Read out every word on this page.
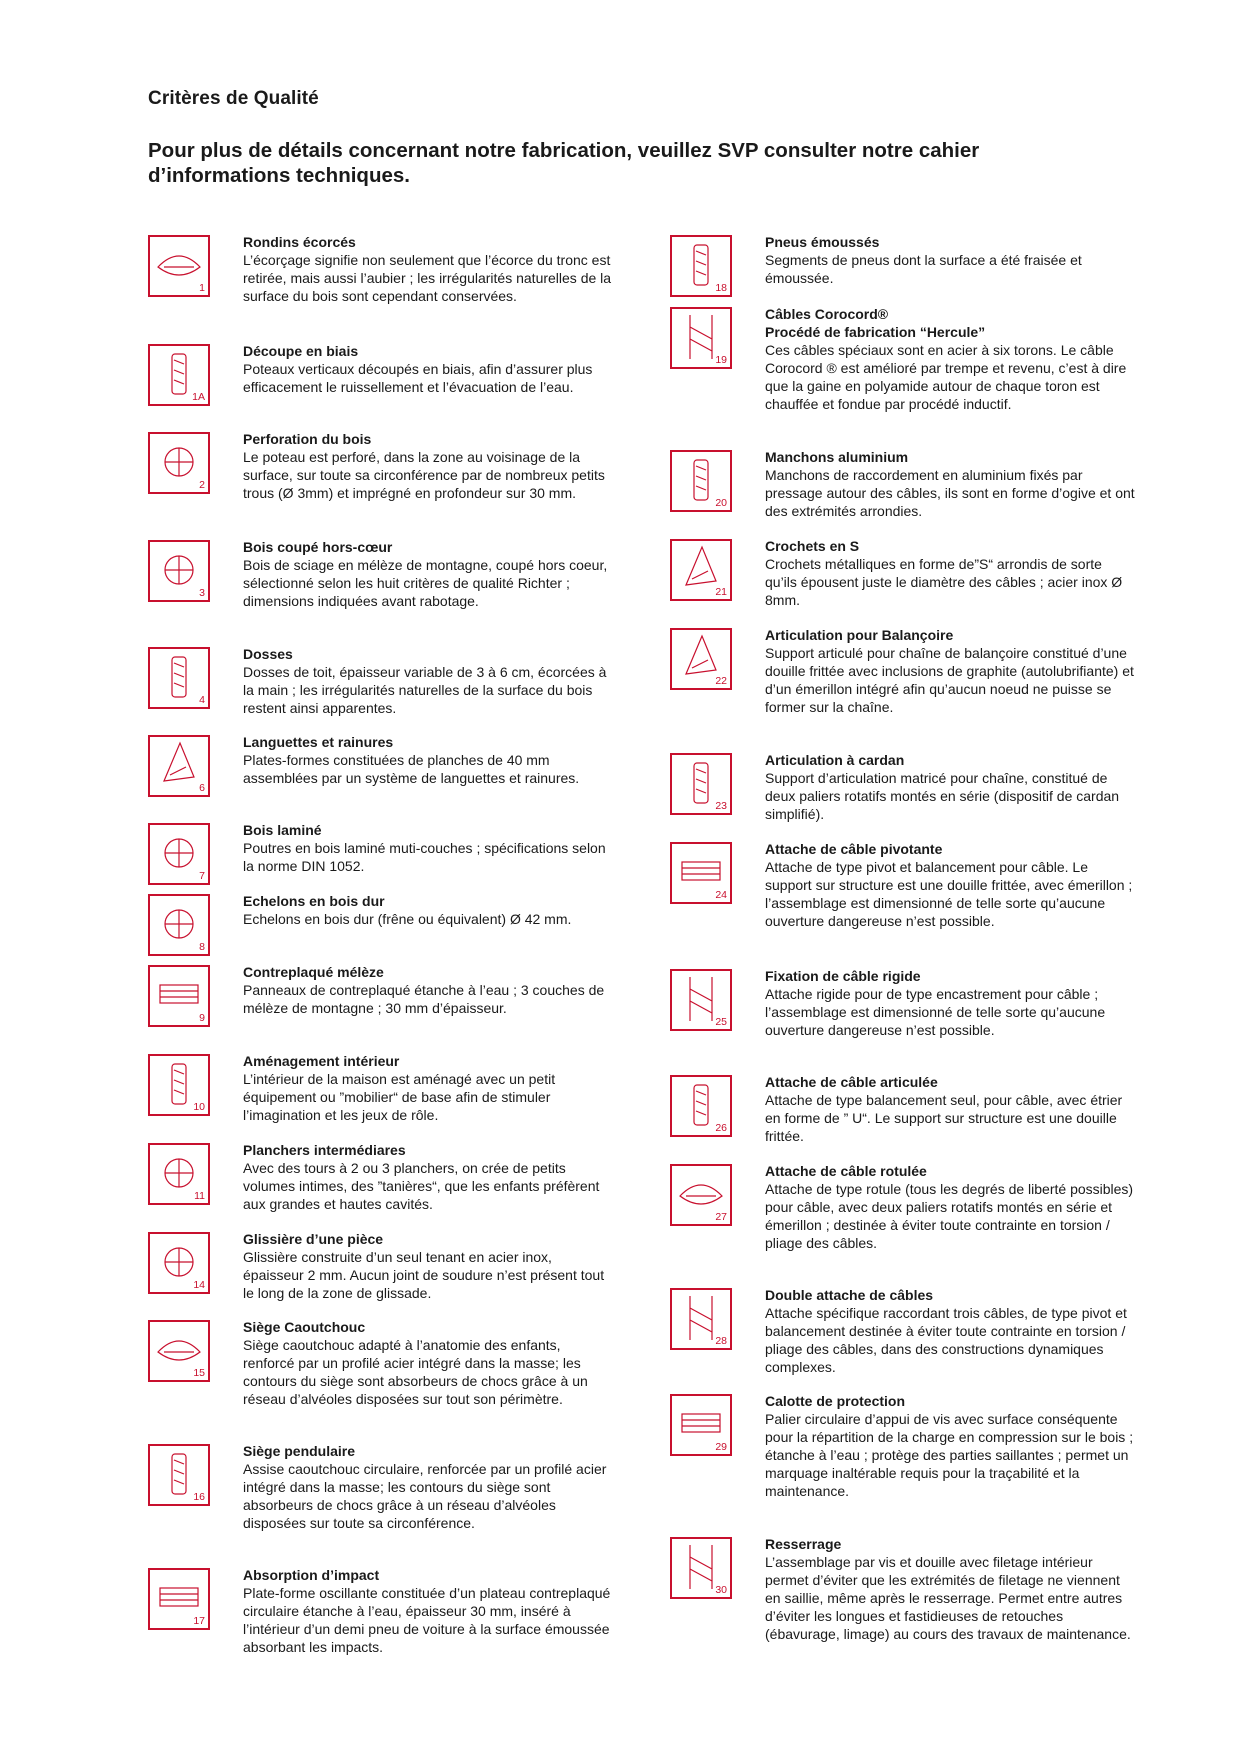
Critères de Qualité
Pour plus de détails concernant notre fabrication, veuillez SVP consulter notre cahier d’informations techniques.
1
Rondins écorcés
L’écorçage signifie non seulement que l’écorce du tronc est retirée, mais aussi l’aubier ; les irrégularités naturelles de la surface du bois sont cependant conservées.
1A
Découpe en biais
Poteaux verticaux découpés en biais, afin d’assurer plus efficacement le ruissellement et l’évacuation de l’eau.
2
Perforation du bois
Le poteau est perforé, dans la zone au voisinage de la surface, sur toute sa circonférence par de nombreux petits trous (Ø 3mm) et imprégné en profondeur sur 30 mm.
3
Bois coupé hors-cœur
Bois de sciage en mélèze de montagne, coupé hors coeur, sélectionné selon les huit critères de qualité Richter ; dimensions indiquées avant rabotage.
4
Dosses
Dosses de toit, épaisseur variable de 3 à 6 cm, écorcées à la main ; les irrégularités naturelles de la surface du bois restent ainsi apparentes.
6
Languettes et rainures
Plates-formes constituées de planches de 40 mm assemblées par un système de languettes et rainures.
7
Bois laminé
Poutres en bois laminé muti-couches ; spécifications selon la norme DIN 1052.
8
Echelons en bois dur
Echelons en bois dur (frêne ou équivalent) Ø 42 mm.
9
Contreplaqué mélèze
Panneaux de contreplaqué étanche à l’eau ; 3 couches de mélèze de montagne ; 30 mm d’épaisseur.
10
Aménagement intérieur
L’intérieur de la maison est aménagé avec un petit équipement ou ”mobilier“ de base afin de stimuler l’imagination et les jeux de rôle.
11
Planchers intermédiares
Avec des tours à 2 ou 3 planchers, on crée de petits volumes intimes, des ”tanières“, que les enfants préfèrent aux grandes et hautes cavités.
14
Glissière d’une pièce
Glissière construite d’un seul tenant en acier inox, épaisseur 2 mm. Aucun joint de soudure n’est présent tout le long de la zone de glissade.
15
Siège Caoutchouc
Siège caoutchouc adapté à l’anatomie des enfants, renforcé par un profilé acier intégré dans la masse; les contours du siège sont absorbeurs de chocs grâce à un réseau d’alvéoles disposées sur tout son périmètre.
16
Siège pendulaire
Assise caoutchouc circulaire, renforcée par un profilé acier intégré dans la masse; les contours du siège sont absorbeurs de chocs grâce à un réseau d’alvéoles disposées sur toute sa circonférence.
17
Absorption d’impact
Plate-forme oscillante constituée d’un plateau contreplaqué circulaire étanche à l’eau, épaisseur 30 mm, inséré à l’intérieur d’un demi pneu de voiture à la surface émoussée absorbant les impacts.
18
Pneus émoussés
Segments de pneus dont la surface a été fraisée et émoussée.
19
Câbles Corocord®
Procédé de fabrication “Hercule”
Ces câbles spéciaux sont en acier à six torons. Le câble Corocord ® est amélioré par trempe et revenu, c’est à dire que la gaine en polyamide autour de chaque toron est chauffée et fondue par procédé inductif.
20
Manchons aluminium
Manchons de raccordement en aluminium fixés par pressage autour des câbles, ils sont en forme d’ogive et ont des extrémités arrondies.
21
Crochets en S
Crochets métalliques en forme de”S“ arrondis de sorte qu’ils épousent juste le diamètre des câbles ; acier inox Ø 8mm.
22
Articulation pour Balançoire
Support articulé pour chaîne de balançoire constitué d’une douille frittée avec inclusions de graphite (autolubrifiante) et d’un émerillon intégré afin qu’aucun noeud ne puisse se former sur la chaîne.
23
Articulation à cardan
Support d’articulation matricé pour chaîne, constitué de deux paliers rotatifs montés en série (dispositif de cardan simplifié).
24
Attache de câble pivotante
Attache de type pivot et balancement pour câble. Le support sur structure est une douille frittée, avec émerillon ; l’assemblage est dimensionné de telle sorte qu’aucune ouverture dangereuse n’est possible.
25
Fixation de câble rigide
Attache rigide pour de type encastrement pour câble ; l’assemblage est dimensionné de telle sorte qu’aucune ouverture dangereuse n’est possible.
26
Attache de câble articulée
Attache de type balancement seul, pour câble, avec étrier en forme de ” U“. Le support sur structure est une douille frittée.
27
Attache de câble rotulée
Attache de type rotule (tous les degrés de liberté possibles) pour câble, avec deux paliers rotatifs montés en série et émerillon ; destinée à éviter toute contrainte en torsion / pliage des câbles.
28
Double attache de câbles
Attache spécifique raccordant trois câbles, de type pivot et balancement destinée à éviter toute contrainte en torsion / pliage des câbles, dans des constructions dynamiques complexes.
29
Calotte de protection
Palier circulaire d’appui de vis avec surface conséquente pour la répartition de la charge en compression sur le bois ; étanche à l’eau ; protège des parties saillantes ; permet un marquage inaltérable requis pour la traçabilité et la maintenance.
30
Resserrage
L’assemblage par vis et douille avec filetage intérieur permet d’éviter que les extrémités de filetage ne viennent en saillie, même après le resserrage. Permet entre autres d’éviter les longues et fastidieuses de retouches (ébavurage, limage) au cours des travaux de maintenance.
